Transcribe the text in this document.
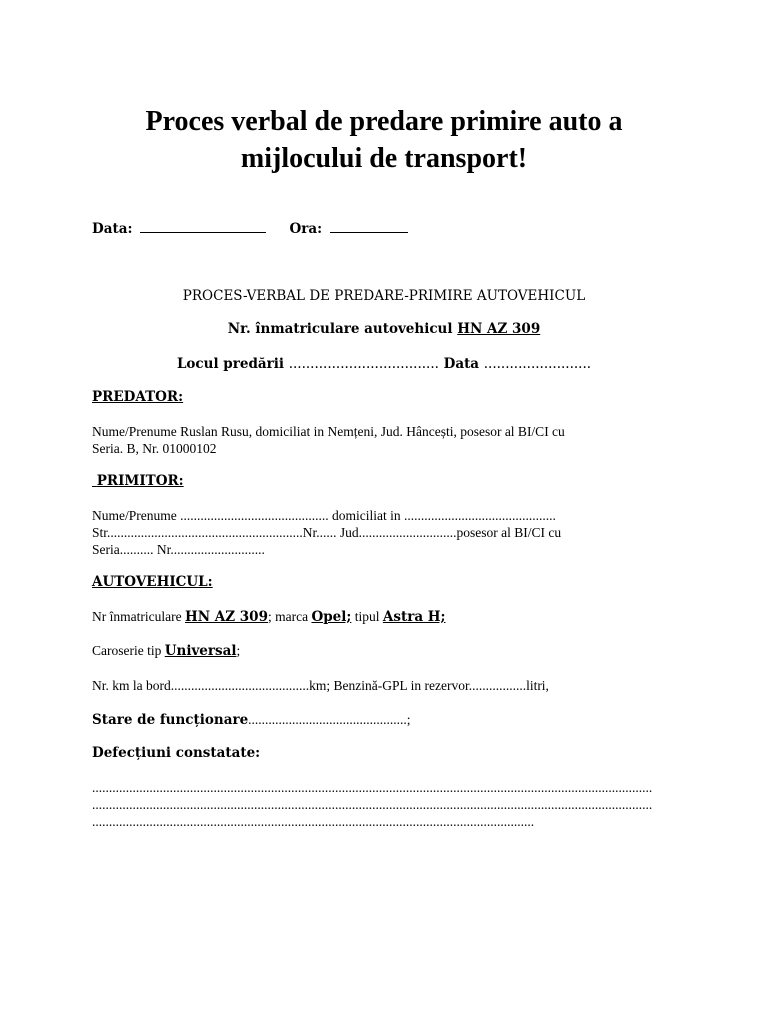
Proces verbal de predare primire auto a
mijlocului de transport!
Data:	Ora:
PROCES-VERBAL DE PREDARE-PRIMIRE AUTOVEHICUL
Nr. înmatriculare autovehicul HN AZ 309
Locul predării ................................... Data .........................
PREDATOR:
Nume/Prenume Ruslan Rusu, domiciliat in Nemțeni, Jud. Hâncești, posesor al BI/CI cu
Seria. B, Nr. 01000102
PRIMITOR:
Nume/Prenume ............................................ domiciliat in .............................................
Str..........................................................Nr...... Jud.............................posesor al BI/CI cu
Seria.......... Nr............................
AUTOVEHICUL:
Nr înmatriculare HN AZ 309; marca Opel; tipul Astra H;
Caroserie tip Universal;
Nr. km la bord.........................................km; Benzină-GPL in rezervor.................litri,
Stare de funcționare...............................................;
Defecțiuni constatate:
......................................................................................................................................................................
......................................................................................................................................................................
...................................................................................................................................
